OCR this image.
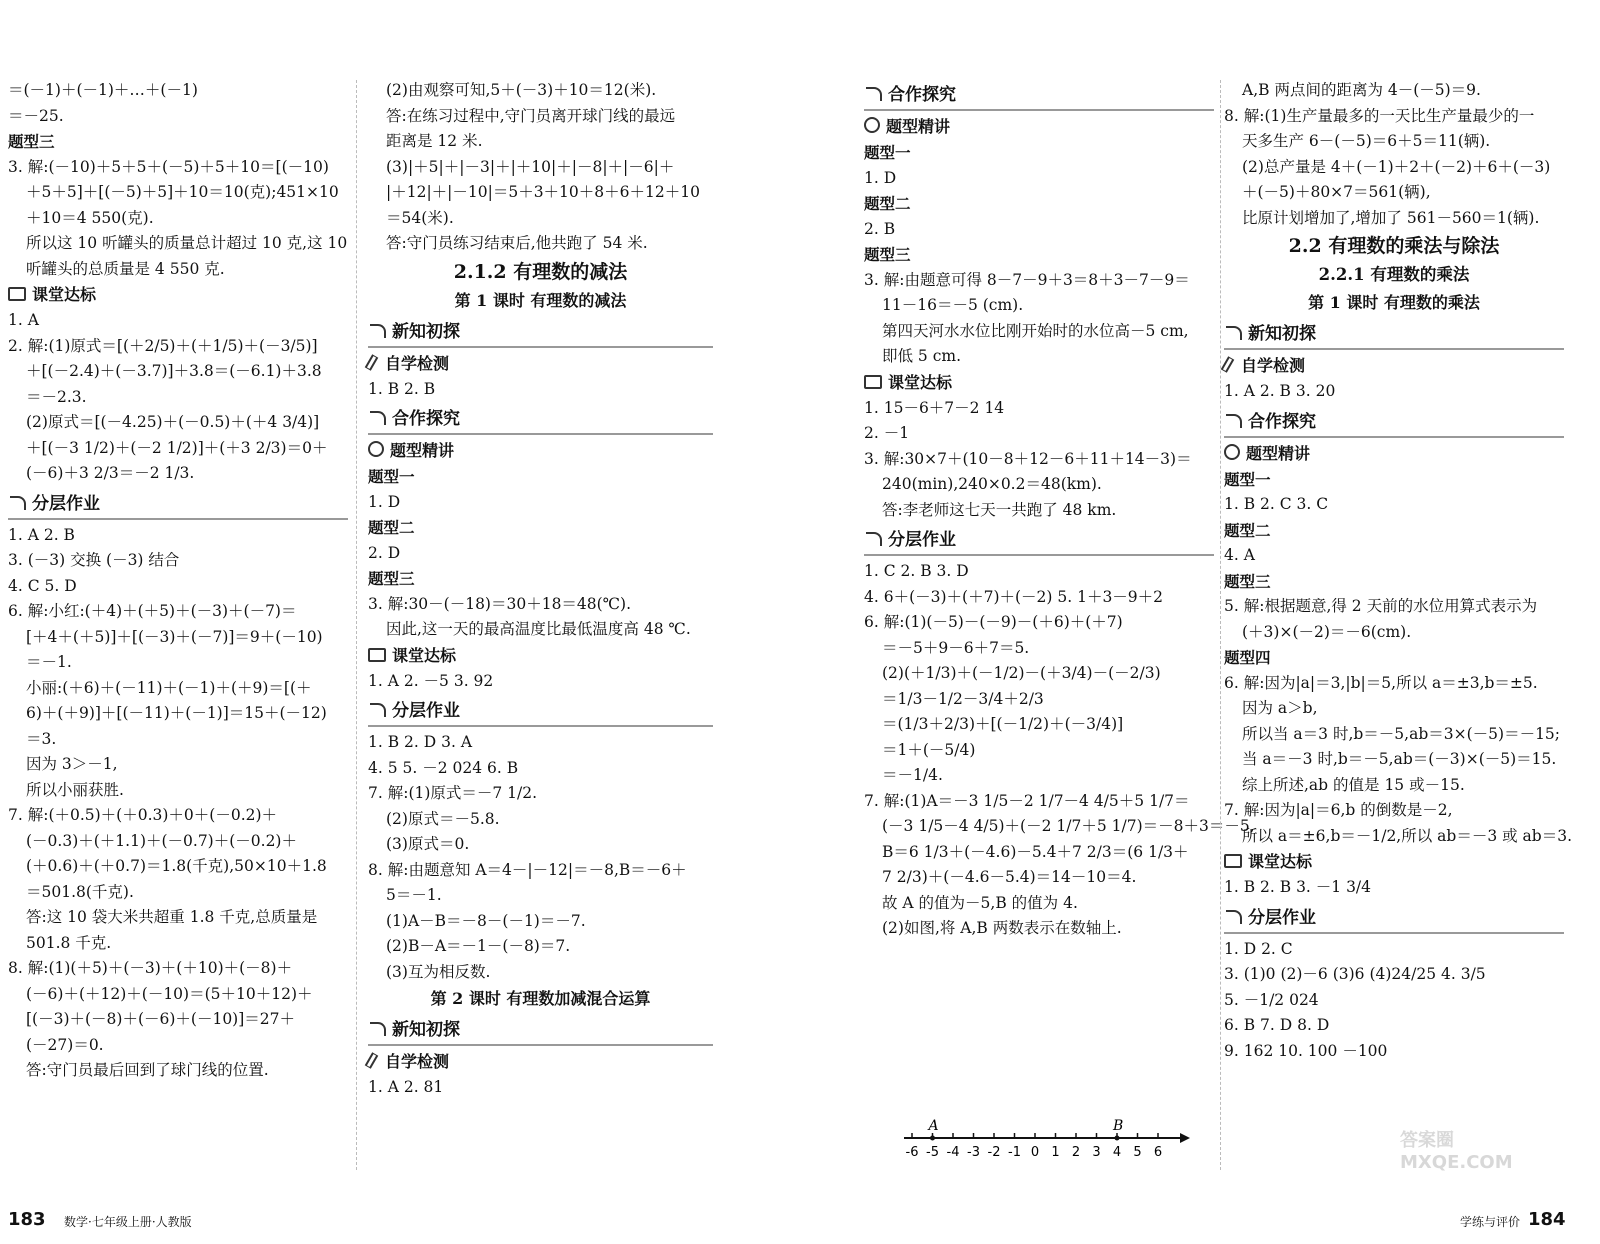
＝(－1)＋(－1)＋…＋(－1)
＝－25.
题型三
3. 解:(－10)＋5＋5＋(－5)＋5＋10＝[(－10)
＋5＋5]＋[(－5)＋5]＋10＝10(克);451×10
＋10＝4 550(克).
所以这 10 听罐头的质量总计超过 10 克,这 10
听罐头的总质量是 4 550 克.
课堂达标
1. A
2. 解:(1)原式＝[(＋2/5)＋(＋1/5)＋(－3/5)]
＋[(－2.4)＋(－3.7)]＋3.8＝(－6.1)＋3.8
＝－2.3.
(2)原式＝[(－4.25)＋(－0.5)＋(＋4 3/4)]
＋[(－3 1/2)＋(－2 1/2)]＋(＋3 2/3)＝0＋
(－6)＋3 2/3＝－2 1/3.
分层作业
1. A 2. B
3. (－3) 交换 (－3) 结合
4. C 5. D
6. 解:小红:(＋4)＋(＋5)＋(－3)＋(－7)＝
[＋4＋(＋5)]＋[(－3)＋(－7)]＝9＋(－10)
＝－1.
小丽:(＋6)＋(－11)＋(－1)＋(＋9)＝[(＋
6)＋(＋9)]＋[(－11)＋(－1)]＝15＋(－12)
＝3.
因为 3＞－1,
所以小丽获胜.
7. 解:(＋0.5)＋(＋0.3)＋0＋(－0.2)＋
(－0.3)＋(＋1.1)＋(－0.7)＋(－0.2)＋
(＋0.6)＋(＋0.7)＝1.8(千克),50×10＋1.8
＝501.8(千克).
答:这 10 袋大米共超重 1.8 千克,总质量是
501.8 千克.
8. 解:(1)(＋5)＋(－3)＋(＋10)＋(－8)＋
(－6)＋(＋12)＋(－10)＝(5＋10＋12)＋
[(－3)＋(－8)＋(－6)＋(－10)]＝27＋
(－27)＝0.
答:守门员最后回到了球门线的位置.
(2)由观察可知,5＋(－3)＋10＝12(米).
答:在练习过程中,守门员离开球门线的最远
距离是 12 米.
(3)|＋5|＋|－3|＋|＋10|＋|－8|＋|－6|＋
|＋12|＋|－10|＝5＋3＋10＋8＋6＋12＋10
＝54(米).
答:守门员练习结束后,他共跑了 54 米.
2.1.2 有理数的减法
第 1 课时 有理数的减法
新知初探
自学检测
1. B 2. B
合作探究
题型精讲
题型一
1. D
题型二
2. D
题型三
3. 解:30－(－18)＝30＋18＝48(℃).
因此,这一天的最高温度比最低温度高 48 ℃.
课堂达标
1. A 2. －5 3. 92
分层作业
1. B 2. D 3. A
4. 5 5. －2 024 6. B
7. 解:(1)原式＝－7 1/2.
(2)原式＝－5.8.
(3)原式＝0.
8. 解:由题意知 A＝4－|－12|＝－8,B＝－6＋
5＝－1.
(1)A－B＝－8－(－1)＝－7.
(2)B－A＝－1－(－8)＝7.
(3)互为相反数.
第 2 课时 有理数加减混合运算
新知初探
自学检测
1. A 2. 81
183 数学·七年级上册·人教版
合作探究
题型精讲
题型一
1. D
题型二
2. B
题型三
3. 解:由题意可得 8－7－9＋3＝8＋3－7－9＝
11－16＝－5 (cm).
第四天河水水位比刚开始时的水位高－5 cm,
即低 5 cm.
课堂达标
1. 15－6＋7－2 14
2. －1
3. 解:30×7＋(10－8＋12－6＋11＋14－3)＝
240(min),240×0.2＝48(km).
答:李老师这七天一共跑了 48 km.
分层作业
1. C 2. B 3. D
4. 6＋(－3)＋(＋7)＋(－2) 5. 1＋3－9＋2
6. 解:(1)(－5)－(－9)－(＋6)＋(＋7)
＝－5＋9－6＋7＝5.
(2)(＋1/3)＋(－1/2)－(＋3/4)－(－2/3)
＝1/3－1/2－3/4＋2/3
＝(1/3＋2/3)＋[(－1/2)＋(－3/4)]
＝1＋(－5/4)
＝－1/4.
7. 解:(1)A＝－3 1/5－2 1/7－4 4/5＋5 1/7＝
(－3 1/5－4 4/5)＋(－2 1/7＋5 1/7)＝－8＋3＝－5,
B＝6 1/3＋(－4.6)－5.4＋7 2/3＝(6 1/3＋
7 2/3)＋(－4.6－5.4)＝14－10＝4.
故 A 的值为－5,B 的值为 4.
(2)如图,将 A,B 两数表示在数轴上.
A,B 两点间的距离为 4－(－5)＝9.
8. 解:(1)生产量最多的一天比生产量最少的一
天多生产 6－(－5)＝6＋5＝11(辆).
(2)总产量是 4＋(－1)＋2＋(－2)＋6＋(－3)
＋(－5)＋80×7＝561(辆),
比原计划增加了,增加了 561－560＝1(辆).
2.2 有理数的乘法与除法
2.2.1 有理数的乘法
第 1 课时 有理数的乘法
新知初探
自学检测
1. A 2. B 3. 20
合作探究
题型精讲
题型一
1. B 2. C 3. C
题型二
4. A
题型三
5. 解:根据题意,得 2 天前的水位用算式表示为
(＋3)×(－2)＝－6(cm).
题型四
6. 解:因为|a|＝3,|b|＝5,所以 a＝±3,b＝±5.
因为 a＞b,
所以当 a＝3 时,b＝－5,ab＝3×(－5)＝－15;
当 a＝－3 时,b＝－5,ab＝(－3)×(－5)＝15.
综上所述,ab 的值是 15 或－15.
7. 解:因为|a|＝6,b 的倒数是－2,
所以 a＝±6,b＝－1/2,所以 ab＝－3 或 ab＝3.
课堂达标
1. B 2. B 3. －1 3/4
分层作业
1. D 2. C
3. (1)0 (2)－6 (3)6 (4)24/25 4. 3/5
5. －1/2 024
6. B 7. D 8. D
9. 162 10. 100 －100
-6 -5 -4 -3 -2 -1 0 1 2 3 4 5 6
A	B
答案圈 MXQE.COM
学练与评价 184
